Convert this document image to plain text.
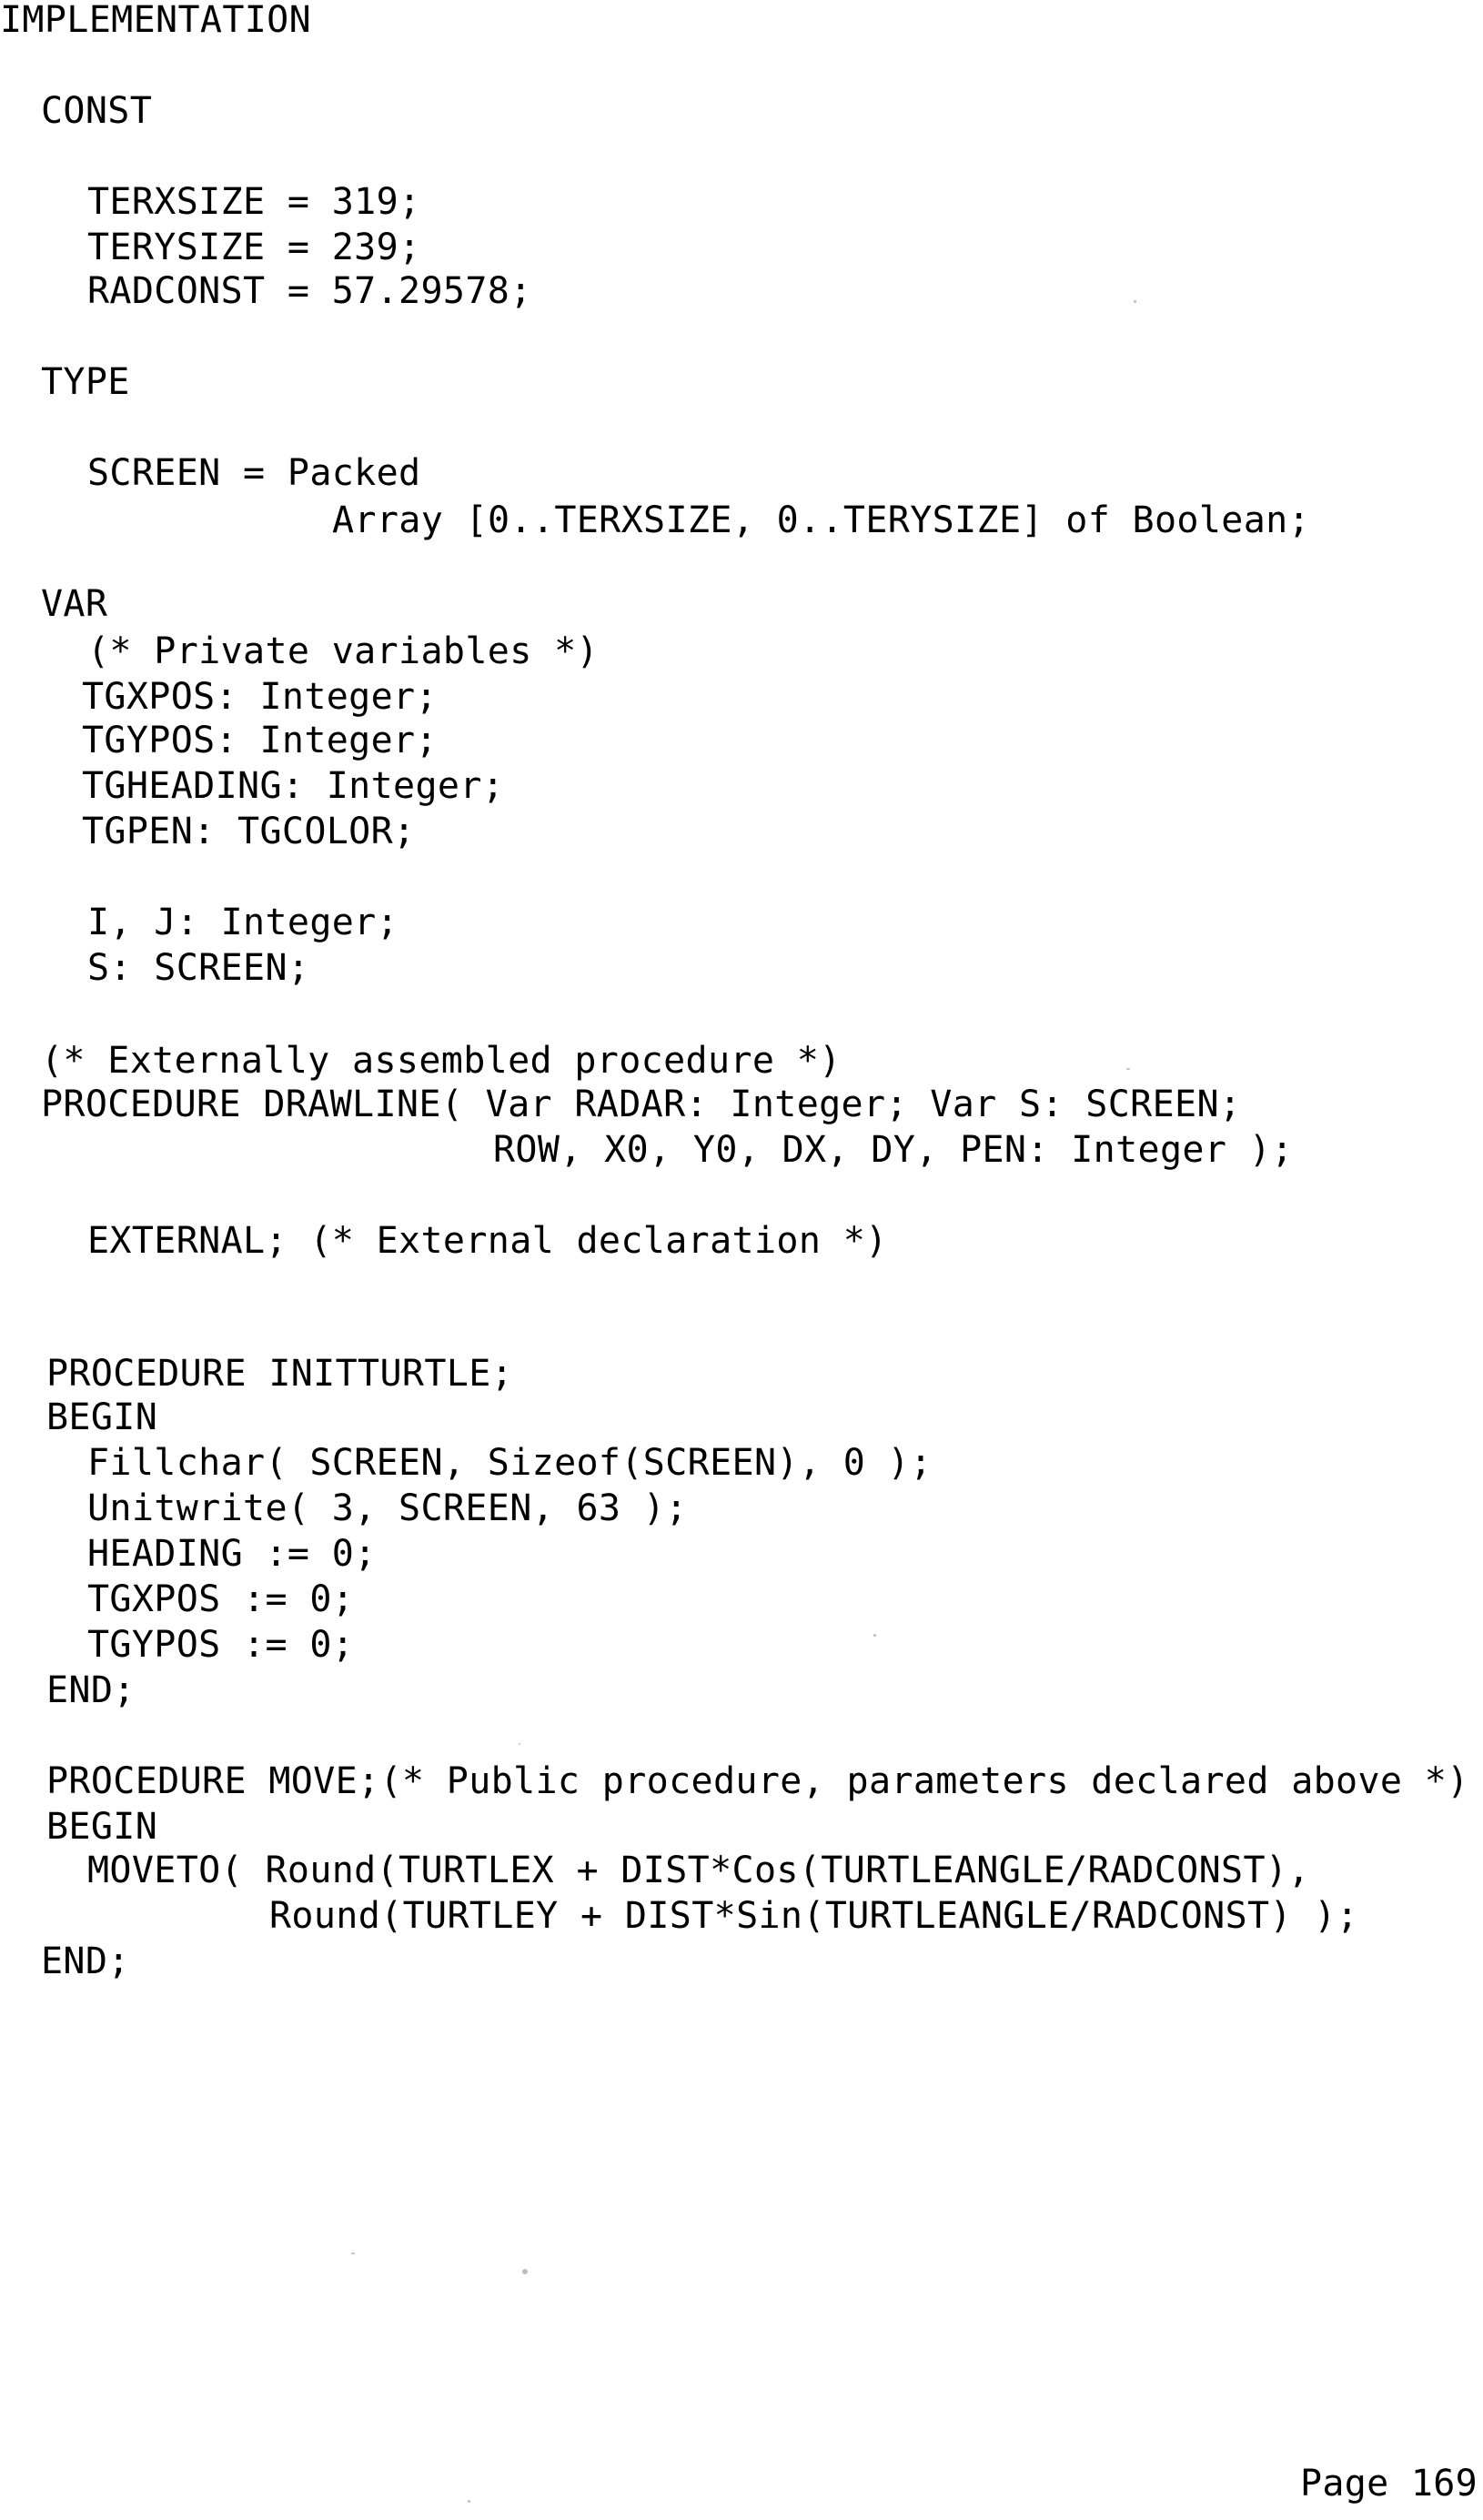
IMPLEMENTATION
CONST
TERXSIZE = 319;
TERYSIZE = 239;
RADCONST = 57.29578;
TYPE
SCREEN = Packed
Array [0..TERXSIZE, 0..TERYSIZE] of Boolean;
VAR
(* Private variables *)
TGXPOS: Integer;
TGYPOS: Integer;
TGHEADING: Integer;
TGPEN: TGCOLOR;
I, J: Integer;
S: SCREEN;
(* Externally assembled procedure *)
PROCEDURE DRAWLINE( Var RADAR: Integer; Var S: SCREEN;
ROW, X0, Y0, DX, DY, PEN: Integer );
EXTERNAL; (* External declaration *)
PROCEDURE INITTURTLE;
BEGIN
Fillchar( SCREEN, Sizeof(SCREEN), 0 );
Unitwrite( 3, SCREEN, 63 );
HEADING := 0;
TGXPOS := 0;
TGYPOS := 0;
END;
PROCEDURE MOVE;(* Public procedure, parameters declared above *)
BEGIN
MOVETO( Round(TURTLEX + DIST*Cos(TURTLEANGLE/RADCONST),
Round(TURTLEY + DIST*Sin(TURTLEANGLE/RADCONST) );
END;
Page 169
